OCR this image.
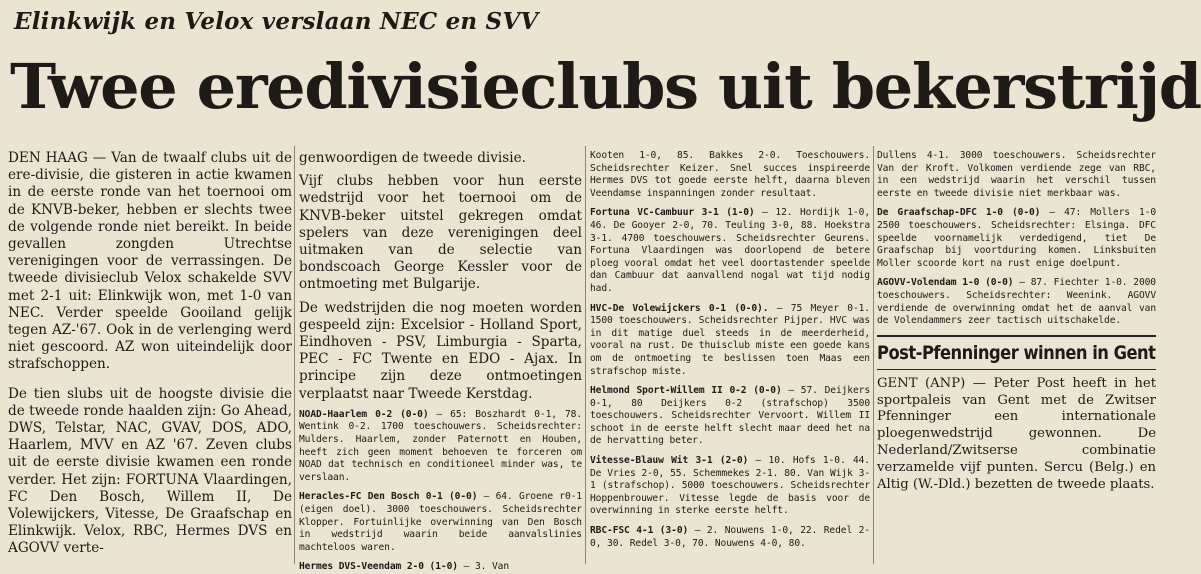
Elinkwijk en Velox verslaan NEC en SVV
Twee eredivisieclubs uit bekerstrijd

DEN HAAG — Van de twaalf clubs uit de ere-divisie, die gisteren in actie kwamen in de eerste ronde van het toernooi om de KNVB-beker, hebben er slechts twee de volgende ronde niet bereikt. In beide gevallen zongden Utrechtse verenigingen voor de verrassingen. De tweede divisieclub Velox schakelde SVV met 2-1 uit: Elinkwijk won, met 1-0 van NEC. Verder speelde Gooiland gelijk tegen AZ-'67. Ook in de verlenging werd niet gescoord. AZ won uiteindelijk door strafschoppen.

De tien slubs uit de hoogste divisie die de tweede ronde haalden zijn: Go Ahead, DWS, Telstar, NAC, GVAV, DOS, ADO, Haarlem, MVV en AZ '67. Zeven clubs uit de eerste divisie kwamen een ronde verder. Het zijn: FORTUNA Vlaardingen, FC Den Bosch, Willem II, De Volewijckers, Vitesse, De Graafschap en Elinkwijk. Velox, RBC, Hermes DVS en AGOVV verte-

genwoordigen de tweede divisie.

Vijf clubs hebben voor hun eerste wedstrijd voor het toernooi om de KNVB-beker uitstel gekregen omdat spelers van deze verenigingen deel uitmaken van de selectie van bondscoach George Kessler voor de ontmoeting met Bulgarije.

De wedstrijden die nog moeten worden gespeeld zijn: Excelsior - Holland Sport, Eindhoven - PSV, Limburgia - Sparta, PEC - FC Twente en EDO - Ajax. In principe zijn deze ontmoetingen verplaatst naar Tweede Kerstdag.

NOAD-Haarlem 0-2 (0-0) — 65: Boszhardt 0-1, 78. Wentink 0-2. 1700 toeschouwers. Scheidsrechter: Mulders. Haarlem, zonder Paternott en Houben, heeft zich geen moment behoeven te forceren om NOAD dat technisch en conditioneel minder was, te verslaan.

Heracles-FC Den Bosch 0-1 (0-0) — 64. Groene r0-1 (eigen doel). 3000 toeschouwers. Scheidsrechter Klopper. Fortuinlijke overwinning van Den Bosch in wedstrijd waarin beide aanvalslinies machteloos waren.

Hermes DVS-Veendam 2-0 (1-0) — 3. Van

Kooten 1-0, 85. Bakkes 2-0. Toeschouwers. Scheidsrechter Keizer. Snel succes inspireerde Hermes DVS tot goede eerste helft, daarna bleven Veendamse inspanningen zonder resultaat.

Fortuna VC-Cambuur 3-1 (1-0) — 12. Hordijk 1-0, 46. De Gooyer 2-0, 70. Teuling 3-0, 88. Hoekstra 3-1. 4700 toeschouwers. Scheidsrechter Geurens. Fortuna Vlaardingen was doorlopend de betere ploeg vooral omdat het veel doortastender speelde dan Cambuur dat aanvallend nogal wat tijd nodig had.

HVC-De Volewijckers 0-1 (0-0). — 75 Meyer 0-1. 1500 toeschouwers. Scheidsrechter Pijper. HVC was in dit matige duel steeds in de meerderheid, vooral na rust. De thuisclub miste een goede kans om de ontmoeting te beslissen toen Maas een strafschop miste.

Helmond Sport-Willem II 0-2 (0-0) — 57. Deijkers 0-1, 80 Deijkers 0-2 (strafschop) 3500 toeschouwers. Scheidsrechter Vervoort. Willem II schoot in de eerste helft slecht maar deed het na de hervatting beter.

Vitesse-Blauw Wit 3-1 (2-0) — 10. Hofs 1-0. 44. De Vries 2-0, 55. Schemmekes 2-1. 80. Van Wijk 3-1 (strafschop). 5000 toeschouwers. Scheidsrechter Hoppenbrouwer. Vitesse legde de basis voor de overwinning in sterke eerste helft.

RBC-FSC 4-1 (3-0) — 2. Nouwens 1-0, 22. Redel 2-0, 30. Redel 3-0, 70. Nouwens 4-0, 80.

Dullens 4-1. 3000 toeschouwers. Scheidsrechter Van der Kroft. Volkomen verdiende zege van RBC, in een wedstrijd waarin het verschil tussen eerste en tweede divisie niet merkbaar was.

De Graafschap-DFC 1-0 (0-0) — 47: Mollers 1-0 2500 toeschouwers. Scheidsrechter: Elsinga. DFC speelde voornamelijk verdedigend, tiet De Graafschap bij voortduring komen. Linksbuiten Moller scoorde kort na rust enige doelpunt.

AGOVV-Volendam 1-0 (0-0) — 87. Fiechter 1-0. 2000 toeschouwers. Scheidsrechter: Weenink. AGOVV verdiende de overwinning omdat het de aanval van de Volendammers zeer tactisch uitschakelde.

Post-Pfenninger winnen in Gent

GENT (ANP) — Peter Post heeft in het sportpaleis van Gent met de Zwitser Pfenninger een internationale ploegenwedstrijd gewonnen. De Nederland/Zwitserse combinatie verzamelde vijf punten. Sercu (Belg.) en Altig (W.-Dld.) bezetten de tweede plaats.
